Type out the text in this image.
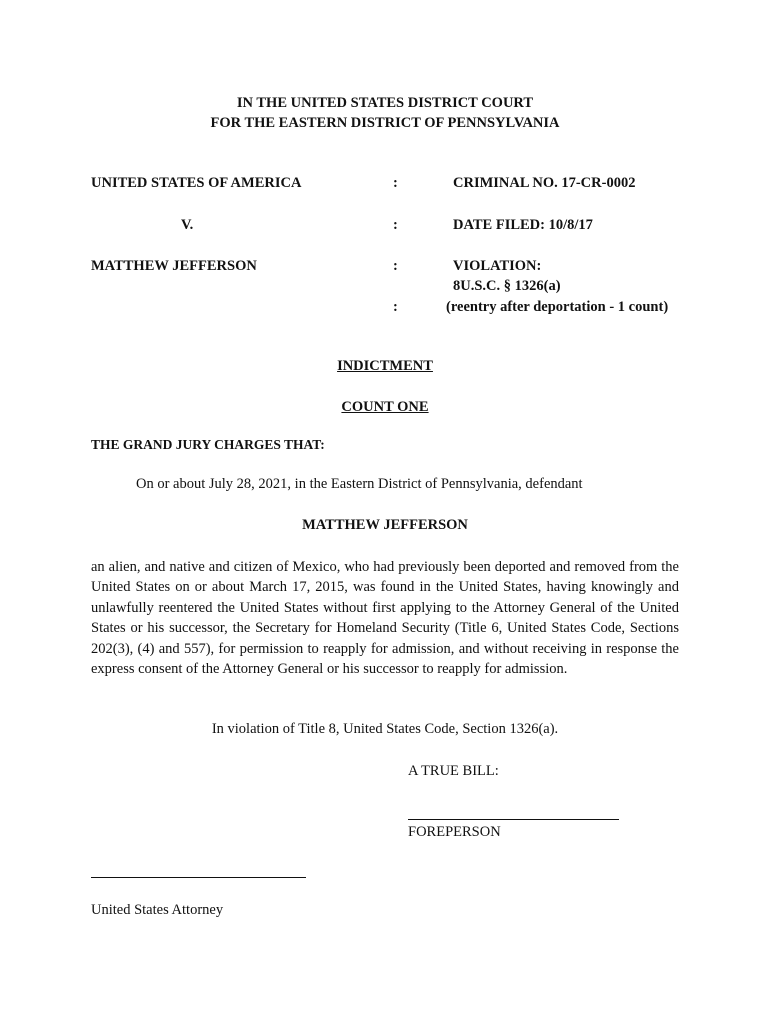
IN THE UNITED STATES DISTRICT COURT
FOR THE EASTERN DISTRICT OF PENNSYLVANIA
UNITED STATES OF AMERICA	:	CRIMINAL NO. 17-CR-0002
V.	:	DATE FILED: 10/8/17
MATTHEW JEFFERSON	:	VIOLATION:
8U.S.C. § 1326(a)
:	(reentry after deportation - 1 count)
INDICTMENT
COUNT ONE
THE GRAND JURY CHARGES THAT:
On or about July 28, 2021, in the Eastern District of Pennsylvania, defendant
MATTHEW JEFFERSON
an alien, and native and citizen of Mexico, who had previously been deported and removed from the United States on or about March 17, 2015, was found in the United States, having knowingly and unlawfully reentered the United States without first applying to the Attorney General of the United States or his successor, the Secretary for Homeland Security (Title 6, United States Code, Sections 202(3), (4) and 557), for permission to reapply for admission, and without receiving in response the express consent of the Attorney General or his successor to reapply for admission.
In violation of Title 8, United States Code, Section 1326(a).
A TRUE BILL:
FOREPERSON
United States Attorney
